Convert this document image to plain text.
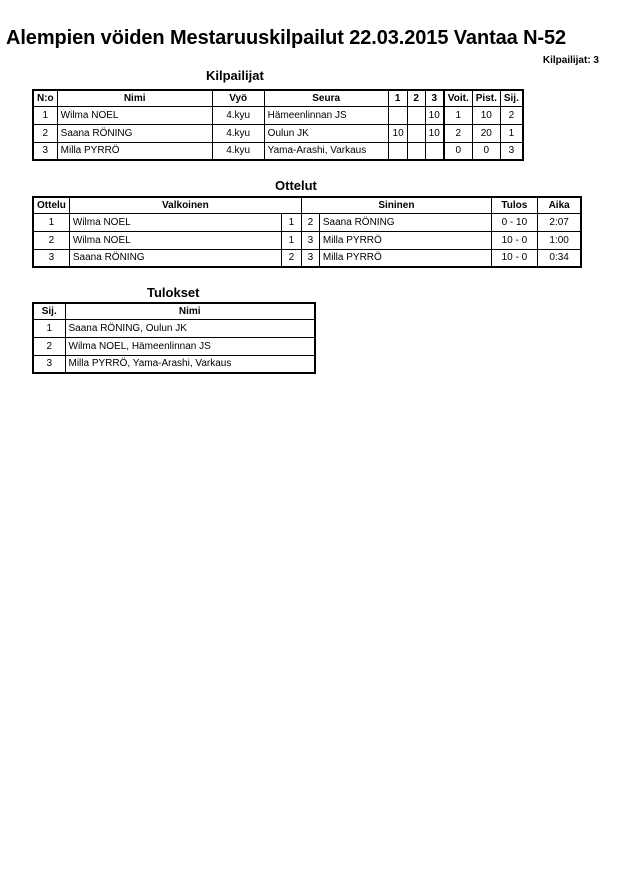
Alempien vöiden Mestaruuskilpailut 22.03.2015 Vantaa N-52
Kilpailijat: 3
Kilpailijat
N:o	Nimi	Vyö	Seura	1	2	3	Voit.	Pist.	Sij.
1	Wilma NOEL	4.kyu	Hämeenlinnan JS			10	1	10	2
2	Saana RÖNING	4.kyu	Oulun JK	10		10	2	20	1
3	Milla PYRRÖ	4.kyu	Yama-Arashi, Varkaus				0	0	3
Ottelut
Ottelu	Valkoinen		Sininen		Tulos	Aika
1	Wilma NOEL	1	2	Saana RÖNING	0 - 10	2:07
2	Wilma NOEL	1	3	Milla PYRRÖ	10 - 0	1:00
3	Saana RÖNING	2	3	Milla PYRRÖ	10 - 0	0:34
Tulokset
Sij.	Nimi
1	Saana RÖNING, Oulun JK
2	Wilma NOEL, Hämeenlinnan JS
3	Milla PYRRÖ, Yama-Arashi, Varkaus
